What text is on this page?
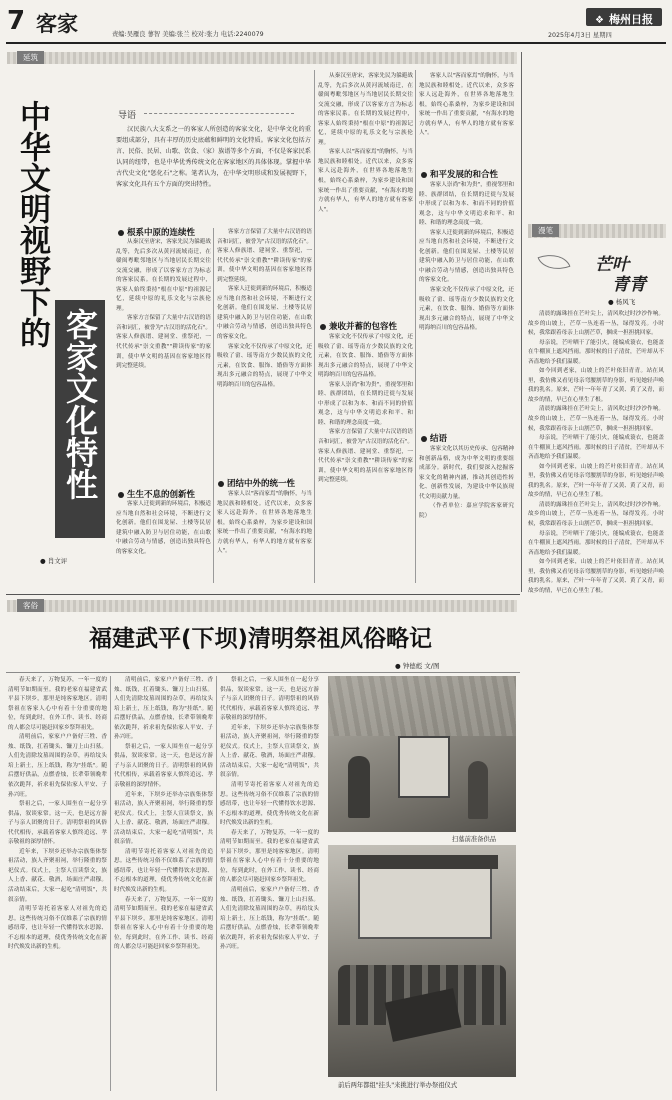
7 客家	责编:吴雁良 蓼智 美编:张兰 校对:张力 电话:2240079
❖ 梅州日报
2025年4月3日 星期四
延筑
中华文明视野下的
客家文化特性
● 肖文评
导语

汉民族八大支系之一的客家人所创造的客家文化，是中华文化的重要组成部分，具有丰厚的历史底蕴和鲜明的文化特质。客家文化包括方言、民俗、民居、山歌、饮食、（家）族谱等多个方面，不仅是客家民系认同的纽带，也是中华优秀传统文化在客家地区的具体体现。掌握中华古代史文化"惩化石"之称。笔者认为，在中华文明形成和发展视野下，客家文化具有五个方面的突出特性。

根系中原的连续性

从秦汉至唐宋，客家先民为躲避战乱等，先后多次从黄河流域南迁，在赣闽粤毗邻地区与当地居民长期交往交流交融，形成了以客家方言为标志的客家民系。在长期的发展过程中，客家人始终秉持"根在中原"的祖源记忆，延续中原的礼乐文化与宗族伦理。

客家方言保留了大量中古汉语的语音和词汇，被誉为"古汉语的活化石"。客家人修族谱、建祠堂、重祭祀，一代代传承"崇文重教""耕读传家"的家训，使中华文明的基因在客家地区得到完整延续。

生生不息的创新性

客家人迁徙到新的环境后，积极适应当地自然和社会环境，不断进行文化创新。他们在围龙屋、土楼等民居建筑中融入防卫与居住功能，在山歌中融合劳动与情感，创造出独具特色的客家文化。

客家方言保留了大量中古汉语的语音和词汇，被誉为"古汉语的活化石"。客家人修族谱、建祠堂、重祭祀，一代代传承"崇文重教""耕读传家"的家训，使中华文明的基因在客家地区得到完整延续。

客家人迁徙到新的环境后，积极适应当地自然和社会环境，不断进行文化创新。他们在围龙屋、土楼等民居建筑中融入防卫与居住功能，在山歌中融合劳动与情感，创造出独具特色的客家文化。

客家文化不仅传承了中原文化，还吸收了畲、瑶等南方少数民族的文化元素，在饮食、服饰、婚俗等方面体现出多元融合的特点，展现了中华文明海纳百川的包容品格。

团结中外的统一性

客家人以"客而家焉"的胸怀，与当地民族和睦相处。近代以来，众多客家人远赴海外，在世界各地落地生根，始终心系桑梓，为家乡建设和国家统一作出了重要贡献，"有海水的地方就有华人，有华人的地方就有客家人"。

从秦汉至唐宋，客家先民为躲避战乱等，先后多次从黄河流域南迁，在赣闽粤毗邻地区与当地居民长期交往交流交融，形成了以客家方言为标志的客家民系。在长期的发展过程中，客家人始终秉持"根在中原"的祖源记忆，延续中原的礼乐文化与宗族伦理。

客家人以"客而家焉"的胸怀，与当地民族和睦相处。近代以来，众多客家人远赴海外，在世界各地落地生根，始终心系桑梓，为家乡建设和国家统一作出了重要贡献，"有海水的地方就有华人，有华人的地方就有客家人"。

兼收并蓄的包容性

客家文化不仅传承了中原文化，还吸收了畲、瑶等南方少数民族的文化元素，在饮食、服饰、婚俗等方面体现出多元融合的特点，展现了中华文明海纳百川的包容品格。

客家人崇尚"和为贵"，重视邻里和睦、族群团结，在长期的迁徙与发展中形成了以和为本、和而不同的价值观念，这与中华文明追求和平、和睦、和谐的理念高度一致。

客家方言保留了大量中古汉语的语音和词汇，被誉为"古汉语的活化石"。客家人修族谱、建祠堂、重祭祀，一代代传承"崇文重教""耕读传家"的家训，使中华文明的基因在客家地区得到完整延续。

客家人以"客而家焉"的胸怀，与当地民族和睦相处。近代以来，众多客家人远赴海外，在世界各地落地生根，始终心系桑梓，为家乡建设和国家统一作出了重要贡献，"有海水的地方就有华人，有华人的地方就有客家人"。

和平发展的和合性

客家人崇尚"和为贵"，重视邻里和睦、族群团结，在长期的迁徙与发展中形成了以和为本、和而不同的价值观念，这与中华文明追求和平、和睦、和谐的理念高度一致。

客家人迁徙到新的环境后，积极适应当地自然和社会环境，不断进行文化创新。他们在围龙屋、土楼等民居建筑中融入防卫与居住功能，在山歌中融合劳动与情感，创造出独具特色的客家文化。

客家文化不仅传承了中原文化，还吸收了畲、瑶等南方少数民族的文化元素，在饮食、服饰、婚俗等方面体现出多元融合的特点，展现了中华文明海纳百川的包容品格。

结语

客家文化以其历史传承、包容精神和创新品格，成为中华文明的重要组成部分。新时代，我们要深入挖掘客家文化的精神内涵，推动其创造性转化、创新性发展，为建设中华民族现代文明贡献力量。

（作者单位：嘉应学院客家研究院）

漫笔
芒叶
青青
● 杨风飞

清晨的露珠挂在芒叶尖上，清风吹过时沙沙作响。故乡的山坡上，芒草一丛连着一丛，绿得发亮。小时候，我常跟着母亲上山割芒草，捆成一担担挑回家。

母亲说，芒叶晒干了能引火，能编成蓑衣，也能盖在牛棚顶上遮风挡雨。那时候的日子清贫，芒叶却从不吝啬地给予我们温暖。

如今回到老家，山坡上的芒叶依旧青青。站在风里，我仿佛又看见母亲弯腰割草的身影，听见她轻声唤我的乳名。原来，芒叶一年年青了又黄、黄了又青，而故乡的情，早已在心里生了根。

清晨的露珠挂在芒叶尖上，清风吹过时沙沙作响。故乡的山坡上，芒草一丛连着一丛，绿得发亮。小时候，我常跟着母亲上山割芒草，捆成一担担挑回家。

母亲说，芒叶晒干了能引火，能编成蓑衣，也能盖在牛棚顶上遮风挡雨。那时候的日子清贫，芒叶却从不吝啬地给予我们温暖。

如今回到老家，山坡上的芒叶依旧青青。站在风里，我仿佛又看见母亲弯腰割草的身影，听见她轻声唤我的乳名。原来，芒叶一年年青了又黄、黄了又青，而故乡的情，早已在心里生了根。

清晨的露珠挂在芒叶尖上，清风吹过时沙沙作响。故乡的山坡上，芒草一丛连着一丛，绿得发亮。小时候，我常跟着母亲上山割芒草，捆成一担担挑回家。

母亲说，芒叶晒干了能引火，能编成蓑衣，也能盖在牛棚顶上遮风挡雨。那时候的日子清贫，芒叶却从不吝啬地给予我们温暖。

如今回到老家，山坡上的芒叶依旧青青。站在风里，我仿佛又看见母亲弯腰割草的身影，听见她轻声唤我的乳名。原来，芒叶一年年青了又黄、黄了又青，而故乡的情，早已在心里生了根。

客俗
福建武平(下坝)清明祭祖风俗略记
● 钟德彪 文/图

春天来了，万物复苏，一年一度的清明节如期而至。我的老家在福建省武平县下坝乡，那里是纯客家地区。清明祭祖在客家人心中有着十分重要的地位，每到此时，在外工作、读书、经商的人都会尽可能赶回家乡祭拜祖先。

清明前后，家家户户备好三牲、香烛、纸钱，扛着锄头、镰刀上山扫墓。人们先清除坟墓周围的杂草，再给坟头培上新土，压上纸钱，称为"挂纸"。随后摆好供品，点燃香烛，长辈带领晚辈依次跪拜，祈求祖先保佑家人平安、子孙兴旺。

祭祖之后，一家人围坐在一起分享供品，叙谈家常。这一天，也是远方游子与亲人团聚的日子。清明祭祖的风俗代代相传，承载着客家人慎终追远、孝亲敬祖的深厚情怀。

近年来，下坝乡还举办宗族集体祭祖活动，族人齐聚祖祠，举行隆重的祭祀仪式。仪式上，主祭人宣读祭文，族人上香、献花、敬酒，场面庄严肃穆。活动结束后，大家一起吃"清明饭"，共叙亲情。

清明节寄托着客家人对祖先的追思。这些传统习俗不仅维系了宗族的情感纽带，也让年轻一代懂得饮水思源、不忘根本的道理，使优秀传统文化在新时代焕发出新的生机。

清明前后，家家户户备好三牲、香烛、纸钱，扛着锄头、镰刀上山扫墓。人们先清除坟墓周围的杂草，再给坟头培上新土，压上纸钱，称为"挂纸"。随后摆好供品，点燃香烛，长辈带领晚辈依次跪拜，祈求祖先保佑家人平安、子孙兴旺。

祭祖之后，一家人围坐在一起分享供品，叙谈家常。这一天，也是远方游子与亲人团聚的日子。清明祭祖的风俗代代相传，承载着客家人慎终追远、孝亲敬祖的深厚情怀。

近年来，下坝乡还举办宗族集体祭祖活动，族人齐聚祖祠，举行隆重的祭祀仪式。仪式上，主祭人宣读祭文，族人上香、献花、敬酒，场面庄严肃穆。活动结束后，大家一起吃"清明饭"，共叙亲情。

清明节寄托着客家人对祖先的追思。这些传统习俗不仅维系了宗族的情感纽带，也让年轻一代懂得饮水思源、不忘根本的道理，使优秀传统文化在新时代焕发出新的生机。

春天来了，万物复苏，一年一度的清明节如期而至。我的老家在福建省武平县下坝乡，那里是纯客家地区。清明祭祖在客家人心中有着十分重要的地位，每到此时，在外工作、读书、经商的人都会尽可能赶回家乡祭拜祖先。

祭祖之后，一家人围坐在一起分享供品，叙谈家常。这一天，也是远方游子与亲人团聚的日子。清明祭祖的风俗代代相传，承载着客家人慎终追远、孝亲敬祖的深厚情怀。

近年来，下坝乡还举办宗族集体祭祖活动，族人齐聚祖祠，举行隆重的祭祀仪式。仪式上，主祭人宣读祭文，族人上香、献花、敬酒，场面庄严肃穆。活动结束后，大家一起吃"清明饭"，共叙亲情。

清明节寄托着客家人对祖先的追思。这些传统习俗不仅维系了宗族的情感纽带，也让年轻一代懂得饮水思源、不忘根本的道理，使优秀传统文化在新时代焕发出新的生机。

春天来了，万物复苏，一年一度的清明节如期而至。我的老家在福建省武平县下坝乡，那里是纯客家地区。清明祭祖在客家人心中有着十分重要的地位，每到此时，在外工作、读书、经商的人都会尽可能赶回家乡祭拜祖先。

清明前后，家家户户备好三牲、香烛、纸钱，扛着锄头、镰刀上山扫墓。人们先清除坟墓周围的杂草，再给坟头培上新土，压上纸钱，称为"挂纸"。随后摆好供品，点燃香烛，长辈带领晚辈依次跪拜，祈求祖先保佑家人平安、子孙兴旺。

扫墓前准备供品
前后两年都组"挂头"来挑进行举办祭祖仪式
